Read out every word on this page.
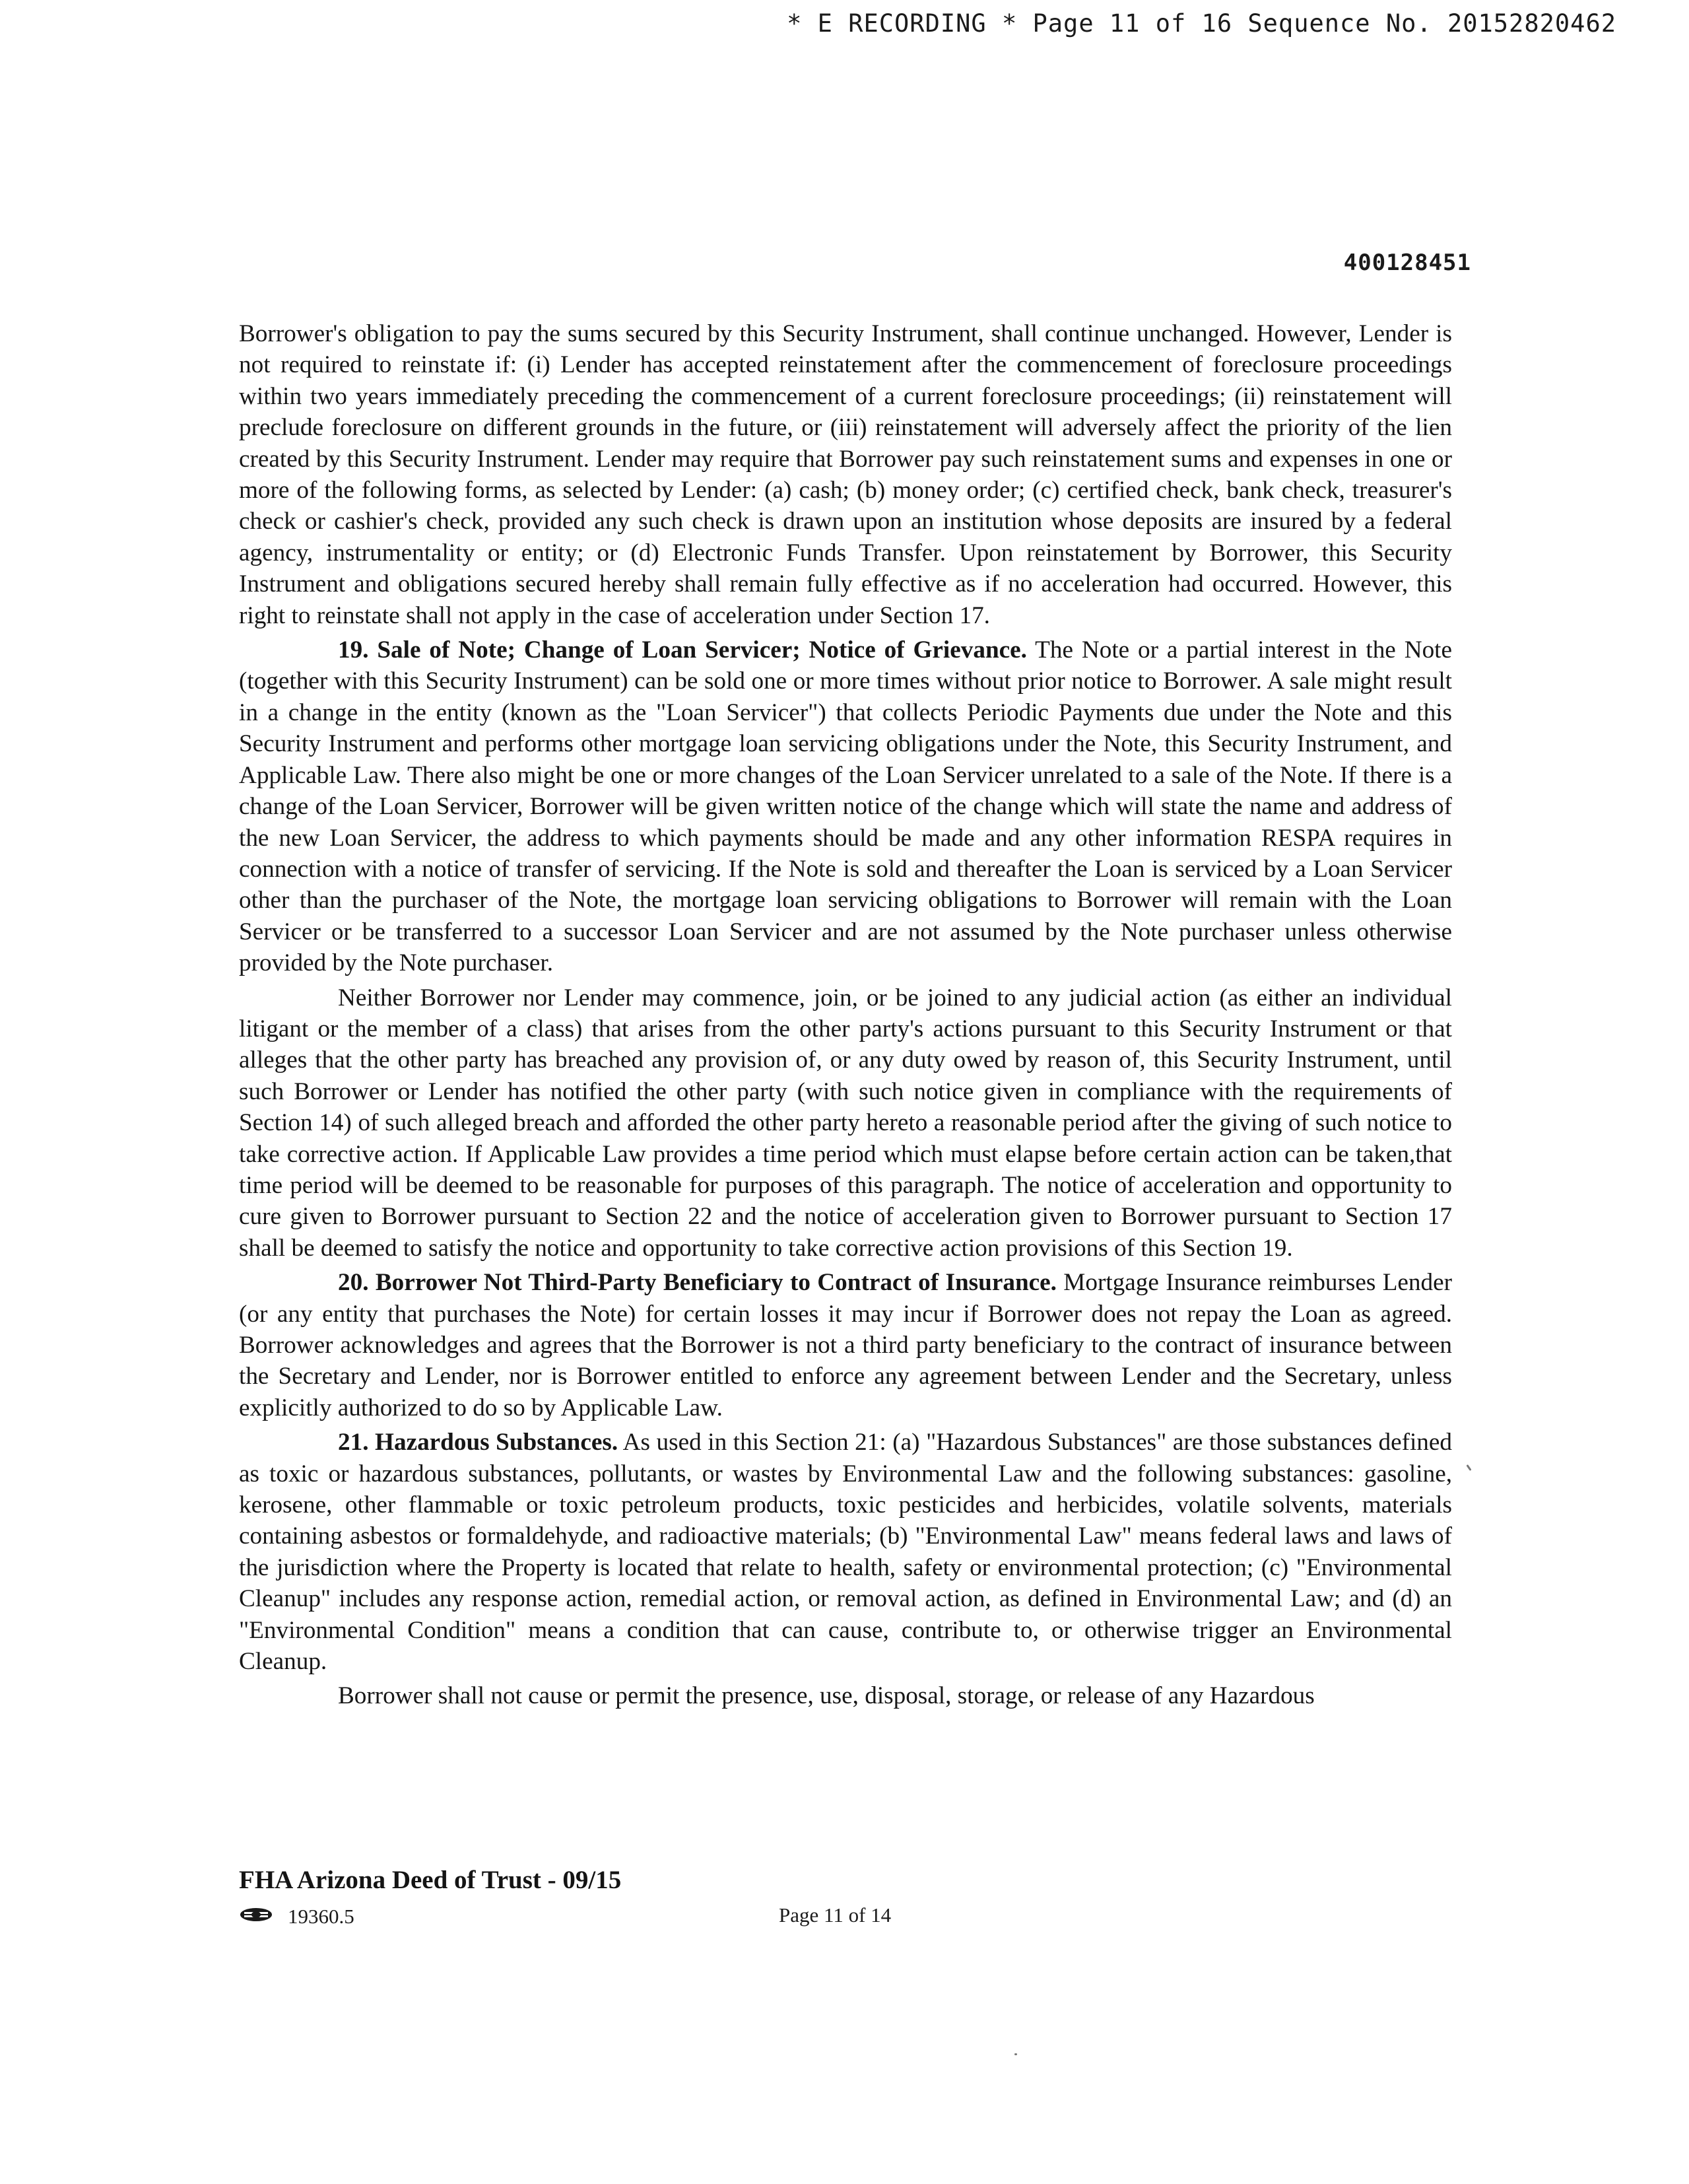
* E RECORDING * Page 11 of 16 Sequence No. 20152820462
400128451

Borrower's obligation to pay the sums secured by this Security Instrument, shall continue unchanged. However, Lender is not required to reinstate if: (i) Lender has accepted reinstatement after the commencement of foreclosure proceedings within two years immediately preceding the commencement of a current foreclosure proceedings; (ii) reinstatement will preclude foreclosure on different grounds in the future, or (iii) reinstatement will adversely affect the priority of the lien created by this Security Instrument. Lender may require that Borrower pay such reinstatement sums and expenses in one or more of the following forms, as selected by Lender: (a) cash; (b) money order; (c) certified check, bank check, treasurer's check or cashier's check, provided any such check is drawn upon an institution whose deposits are insured by a federal agency, instrumentality or entity; or (d) Electronic Funds Transfer. Upon reinstatement by Borrower, this Security Instrument and obligations secured hereby shall remain fully effective as if no acceleration had occurred. However, this right to reinstate shall not apply in the case of acceleration under Section 17.

19. Sale of Note; Change of Loan Servicer; Notice of Grievance. The Note or a partial interest in the Note (together with this Security Instrument) can be sold one or more times without prior notice to Borrower. A sale might result in a change in the entity (known as the "Loan Servicer") that collects Periodic Payments due under the Note and this Security Instrument and performs other mortgage loan servicing obligations under the Note, this Security Instrument, and Applicable Law. There also might be one or more changes of the Loan Servicer unrelated to a sale of the Note. If there is a change of the Loan Servicer, Borrower will be given written notice of the change which will state the name and address of the new Loan Servicer, the address to which payments should be made and any other information RESPA requires in connection with a notice of transfer of servicing. If the Note is sold and thereafter the Loan is serviced by a Loan Servicer other than the purchaser of the Note, the mortgage loan servicing obligations to Borrower will remain with the Loan Servicer or be transferred to a successor Loan Servicer and are not assumed by the Note purchaser unless otherwise provided by the Note purchaser.

Neither Borrower nor Lender may commence, join, or be joined to any judicial action (as either an individual litigant or the member of a class) that arises from the other party's actions pursuant to this Security Instrument or that alleges that the other party has breached any provision of, or any duty owed by reason of, this Security Instrument, until such Borrower or Lender has notified the other party (with such notice given in compliance with the requirements of Section 14) of such alleged breach and afforded the other party hereto a reasonable period after the giving of such notice to take corrective action. If Applicable Law provides a time period which must elapse before certain action can be taken,that time period will be deemed to be reasonable for purposes of this paragraph. The notice of acceleration and opportunity to cure given to Borrower pursuant to Section 22 and the notice of acceleration given to Borrower pursuant to Section 17 shall be deemed to satisfy the notice and opportunity to take corrective action provisions of this Section 19.

20. Borrower Not Third-Party Beneficiary to Contract of Insurance. Mortgage Insurance reimburses Lender (or any entity that purchases the Note) for certain losses it may incur if Borrower does not repay the Loan as agreed. Borrower acknowledges and agrees that the Borrower is not a third party beneficiary to the contract of insurance between the Secretary and Lender, nor is Borrower entitled to enforce any agreement between Lender and the Secretary, unless explicitly authorized to do so by Applicable Law.

21. Hazardous Substances. As used in this Section 21: (a) "Hazardous Substances" are those substances defined as toxic or hazardous substances, pollutants, or wastes by Environmental Law and the following substances: gasoline, kerosene, other flammable or toxic petroleum products, toxic pesticides and herbicides, volatile solvents, materials containing asbestos or formaldehyde, and radioactive materials; (b) "Environmental Law" means federal laws and laws of the jurisdiction where the Property is located that relate to health, safety or environmental protection; (c) "Environmental Cleanup" includes any response action, remedial action, or removal action, as defined in Environmental Law; and (d) an "Environmental Condition" means a condition that can cause, contribute to, or otherwise trigger an Environmental Cleanup.

Borrower shall not cause or permit the presence, use, disposal, storage, or release of any Hazardous

FHA Arizona Deed of Trust - 09/15
19360.5	Page 11 of 14
